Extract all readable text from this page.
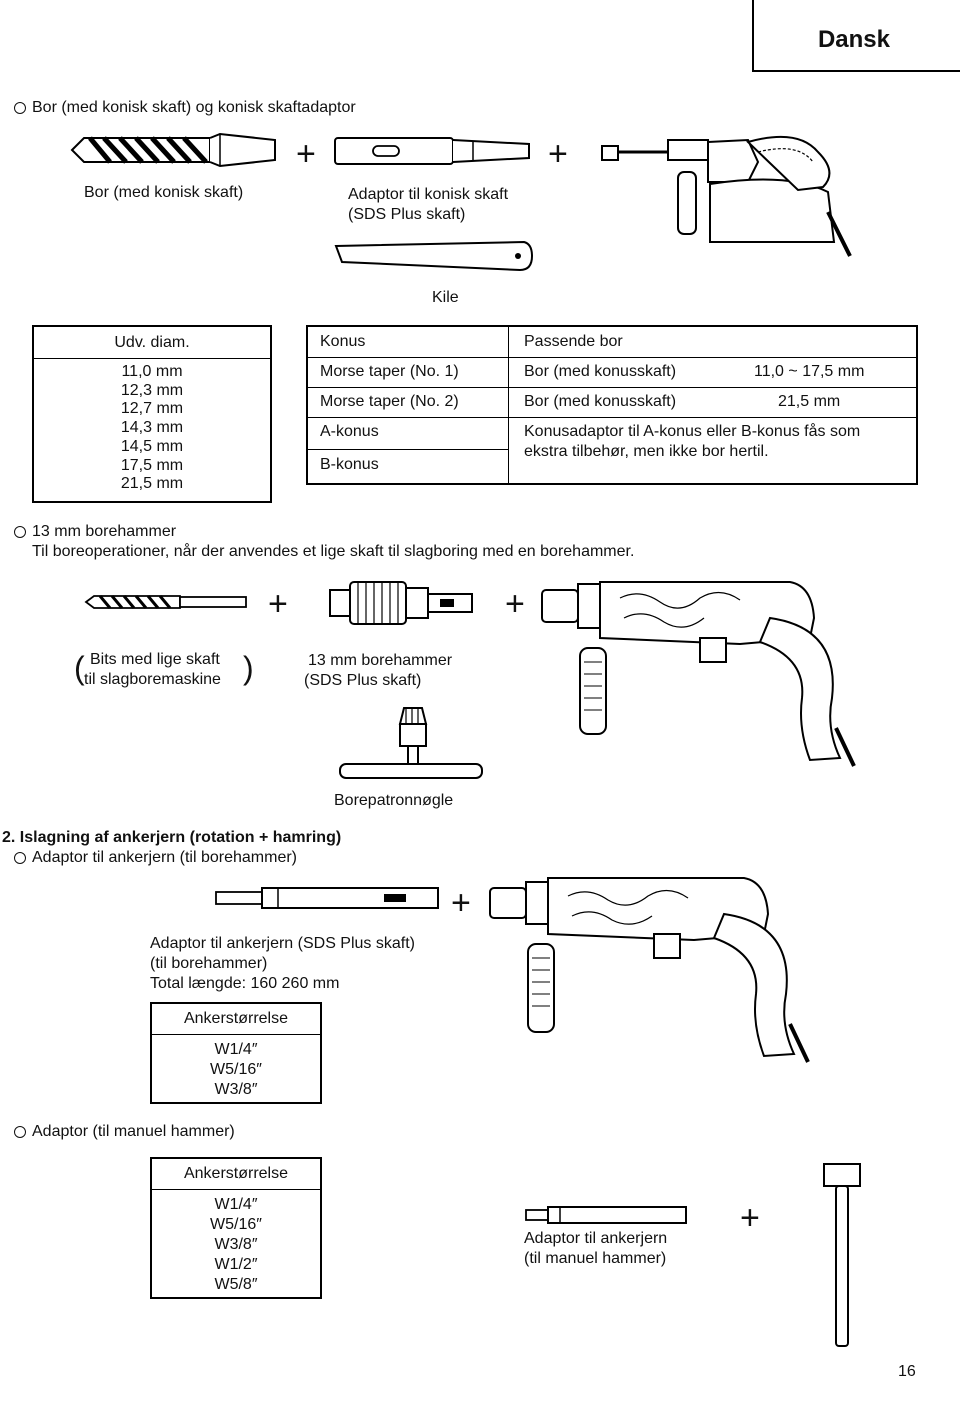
Dansk
Bor (med konisk skaft) og konisk skaftadaptor
+	+
Bor (med konisk skaft)	Adaptor til konisk skaft
(SDS Plus skaft)
Kile
Udv. diam.
11,0 mm
12,3 mm
12,7 mm
14,3 mm
14,5 mm
17,5 mm
21,5 mm
Konus	Passende bor
Morse taper (No. 1)	Bor (med konusskaft)	11,0 ~ 17,5 mm
Morse taper (No. 2)	Bor (med konusskaft)	21,5 mm
A-konus
B-konus
Konusadaptor til A-konus eller B-konus fås som
ekstra tilbehør, men ikke bor hertil.
13 mm borehammer
Til boreoperationer, når der anvendes et lige skaft til slagboring med en borehammer.
+	+
( Bits med lige skaft
til slagboremaskine )	13 mm borehammer
(SDS Plus skaft)
Borepatronnøgle
2. Islagning af ankerjern (rotation + hamring)
Adaptor til ankerjern (til borehammer)
+
Adaptor til ankerjern (SDS Plus skaft)
(til borehammer)
Total længde: 160 260 mm
Ankerstørrelse
W1/4″
W5/16″
W3/8″
Adaptor (til manuel hammer)
Ankerstørrelse
W1/4″
W5/16″
W3/8″
W1/2″
W5/8″
+
Adaptor til ankerjern
(til manuel hammer)
16
